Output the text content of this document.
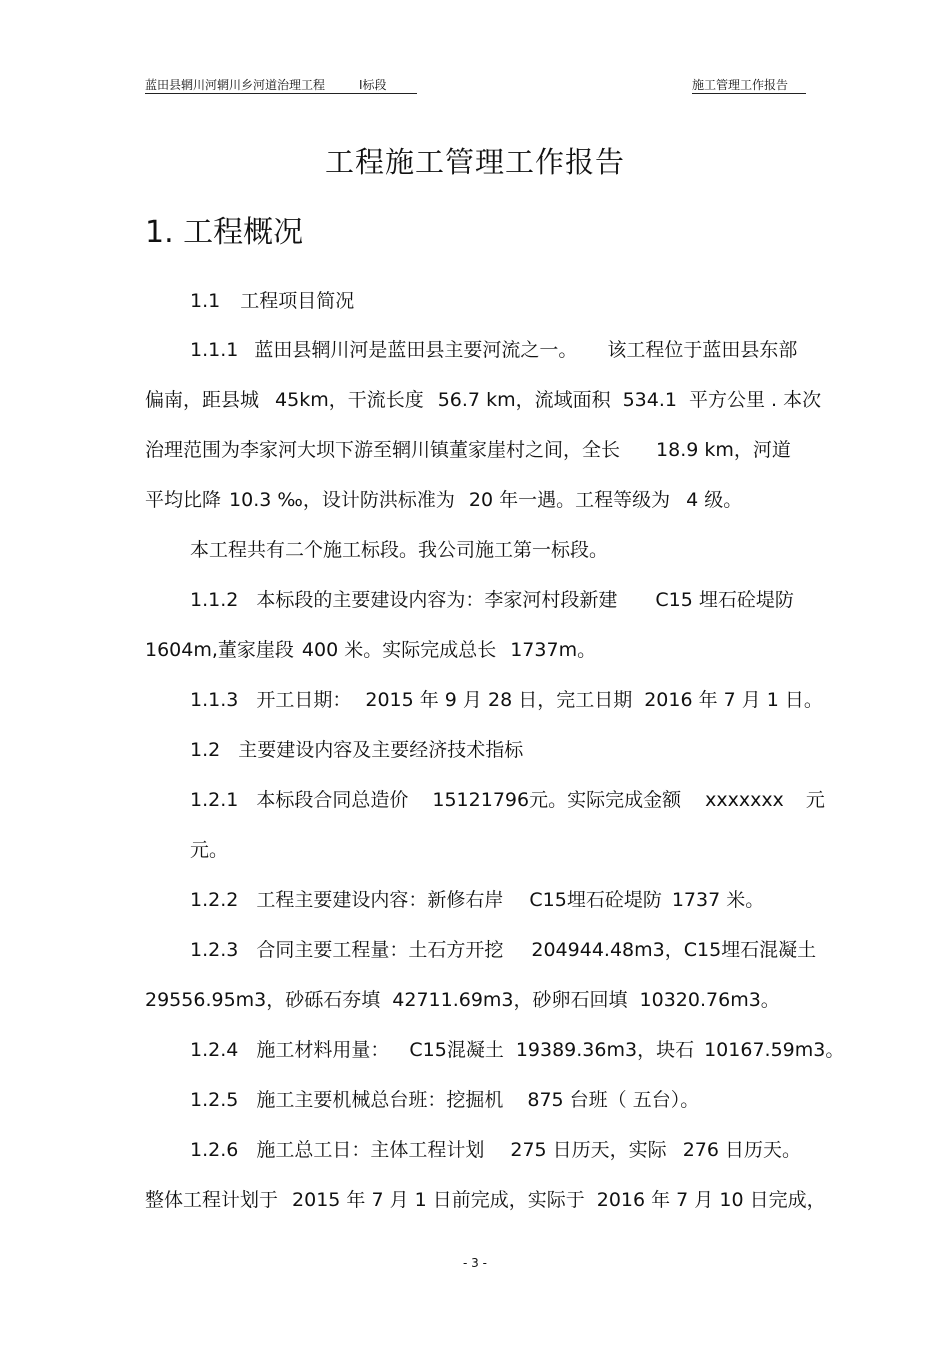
蓝田县辋川河辋川乡河道治理工程	Ⅰ标段	施工管理工作报告
工程施工管理工作报告
1. 工程概况
1.1 工程项目简况
1.1.1 蓝田县辋川河是蓝田县主要河流之一。 该工程位于蓝田县东部
偏南，距县城 45km，干流长度 56.7 km，流域面积 534.1 平方公里 . 本次
治理范围为李家河大坝下游至辋川镇董家崖村之间，全长 18.9 km，河道
平均比降 10.3 ‰，设计防洪标准为 20 年一遇。工程等级为 4 级。
本工程共有二个施工标段。我公司施工第一标段。
1.1.2 本标段的主要建设内容为：李家河村段新建 C15 埋石砼堤防
1604m,董家崖段 400 米。实际完成总长 1737m。
1.1.3 开工日期： 2015 年 9 月 28 日，完工日期 2016 年 7 月 1 日。
1.2 主要建设内容及主要经济技术指标
1.2.1 本标段合同总造价 15121796元。实际完成金额 xxxxxxx 元
元。
1.2.2 工程主要建设内容：新修右岸 C15埋石砼堤防 1737 米。
1.2.3 合同主要工程量：土石方开挖 204944.48m3，C15埋石混凝土
29556.95m3，砂砾石夯填 42711.69m3，砂卵石回填 10320.76m3。
1.2.4 施工材料用量： C15混凝土 19389.36m3，块石 10167.59m3。
1.2.5 施工主要机械总台班：挖掘机 875 台班（ 五台）。
1.2.6 施工总工日：主体工程计划 275 日历天，实际 276 日历天。
整体工程计划于 2015 年 7 月 1 日前完成，实际于 2016 年 7 月 10 日完成，
- 3 -
